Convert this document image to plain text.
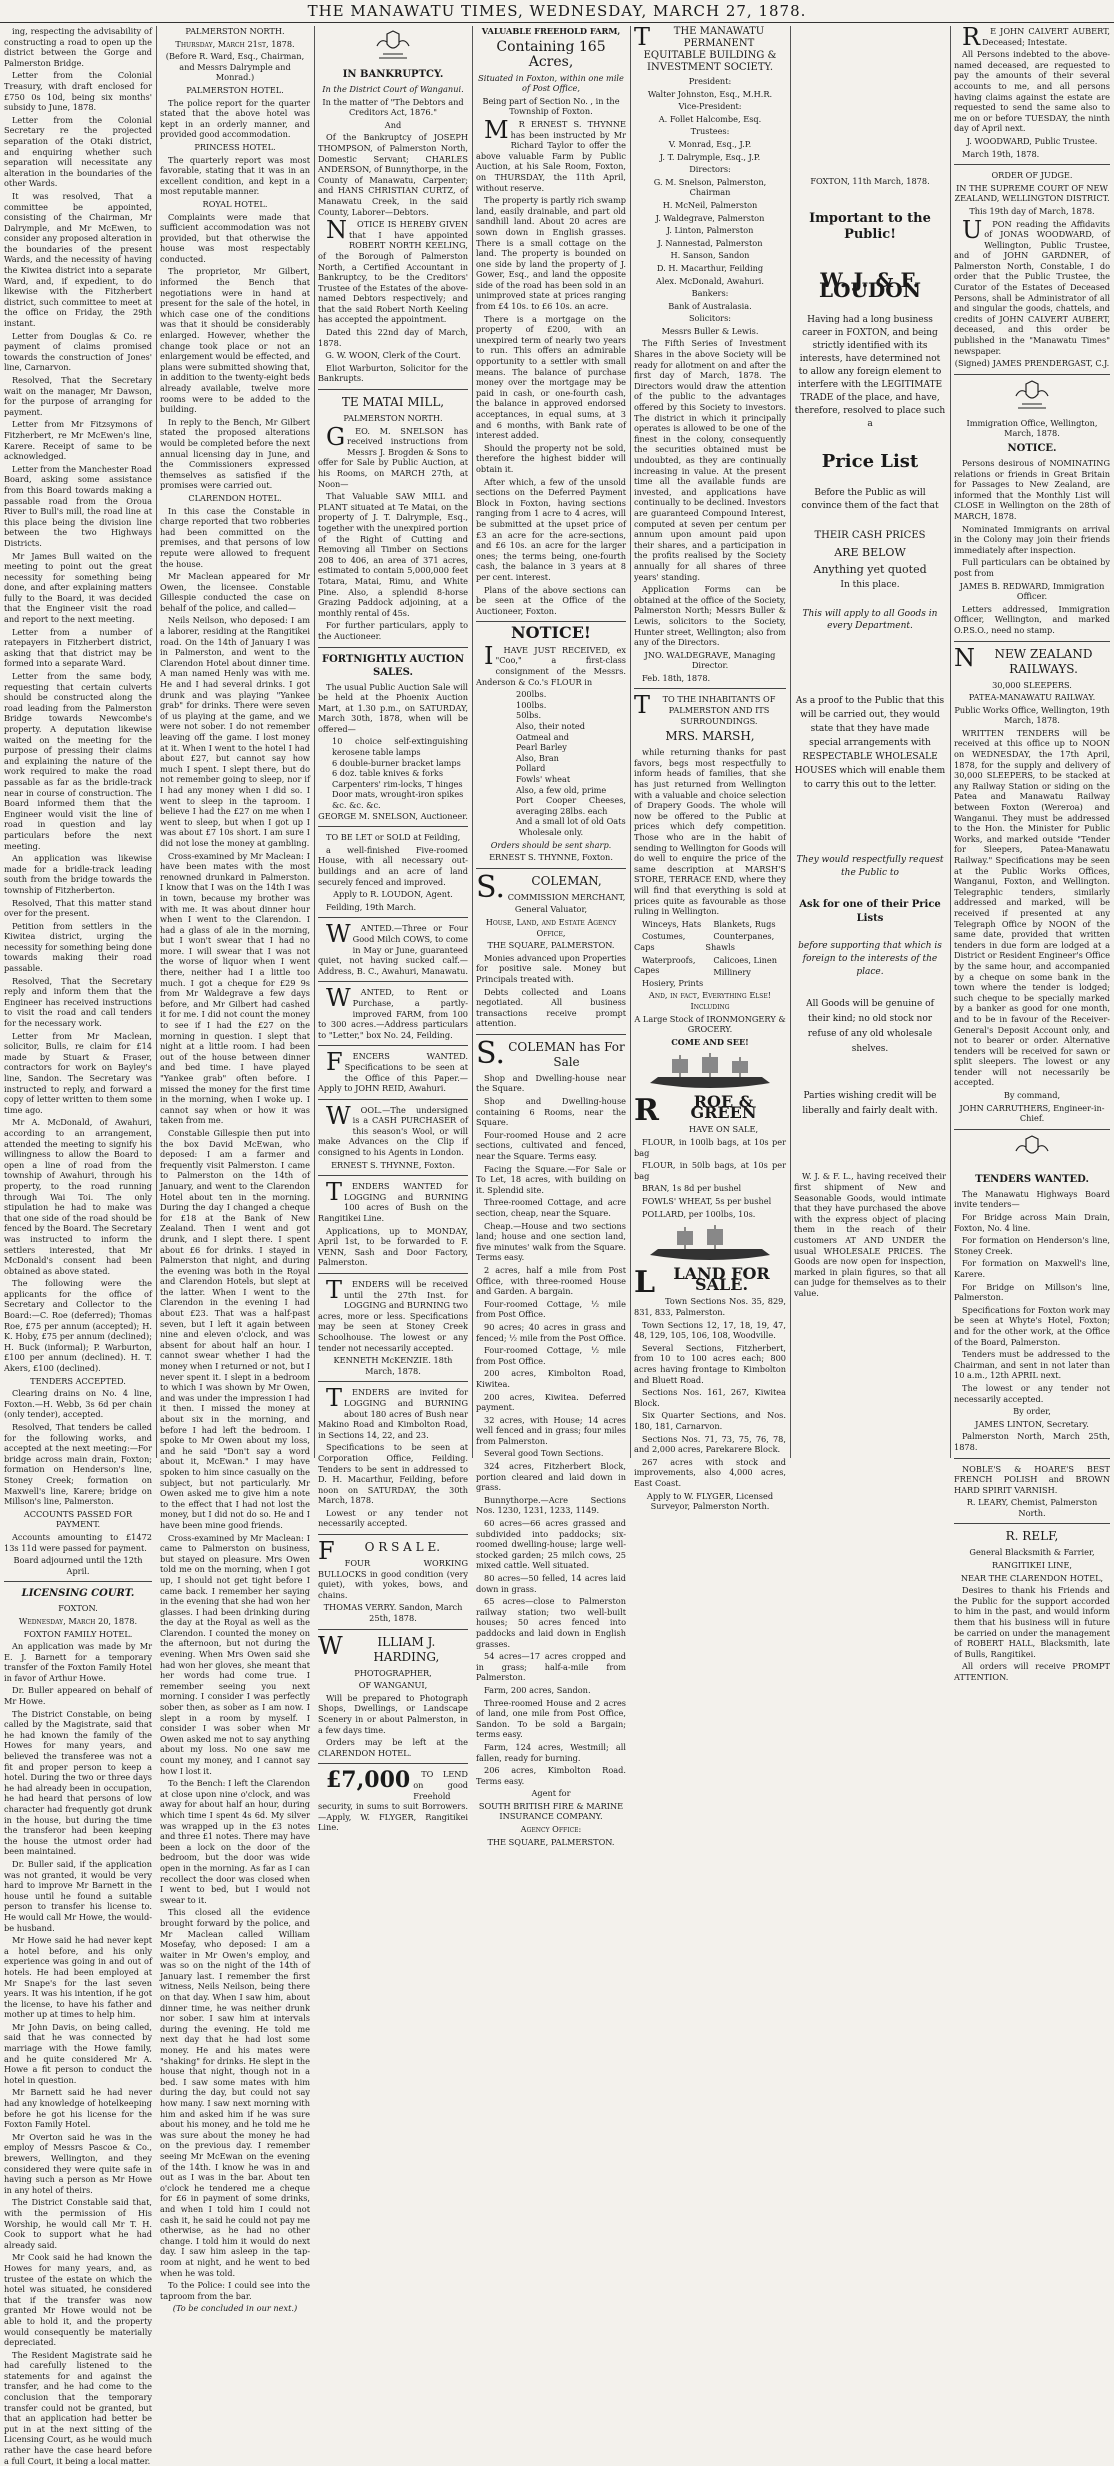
THE MANAWATU TIMES, WEDNESDAY, MARCH 27, 1878.

ing, respecting the advisability of constructing a road to open up the district between the Gorge and Palmerston Bridge.

Letter from the Colonial Treasury, with draft enclosed for £750 0s 10d, being six months' subsidy to June, 1878.

Letter from the Colonial Secretary re the projected separation of the Otaki district, and enquiring whether such separation will necessitate any alteration in the boundaries of the other Wards.

It was resolved, That a committee be appointed, consisting of the Chairman, Mr Dalrymple, and Mr McEwen, to consider any proposed alteration in the boundaries of the present Wards, and the necessity of having the Kiwitea district into a separate Ward, and, if expedient, to do likewise with the Fitzherbert district, such committee to meet at the office on Friday, the 29th instant.

Letter from Douglas & Co. re payment of claims promised towards the construction of Jones' line, Carnarvon.

Resolved, That the Secretary wait on the manager, Mr Dawson, for the purpose of arranging for payment.

Letter from Mr Fitzsymons of Fitzherbert, re Mr McEwen's line, Karere. Receipt of same to be acknowledged.

Letter from the Manchester Road Board, asking some assistance from this Board towards making a passable road from the Oroua River to Bull's mill, the road line at this place being the division line between the two Highways Districts.

Mr James Bull waited on the meeting to point out the great necessity for something being done, and after explaining matters fully to the Board, it was decided that the Engineer visit the road and report to the next meeting.

Letter from a number of ratepayers in Fitzherbert district, asking that that district may be formed into a separate Ward.

Letter from the same body, requesting that certain culverts should be constructed along the road leading from the Palmerston Bridge towards Newcombe's property. A deputation likewise waited on the meeting for the purpose of pressing their claims and explaining the nature of the work required to make the road passable as far as the bridle-track near in course of construction. The Board informed them that the Engineer would visit the line of road in question and lay particulars before the next meeting.

An application was likewise made for a bridle-track leading south from the bridge towards the township of Fitzherberton.

Resolved, That this matter stand over for the present.

Petition from settlers in the Kiwitea district, urging the necessity for something being done towards making their road passable.

Resolved, That the Secretary reply and inform them that the Engineer has received instructions to visit the road and call tenders for the necessary work.

Letter from Mr Maclean, solicitor, Bulls, re claim for £14 made by Stuart & Fraser, contractors for work on Bayley's line, Sandon. The Secretary was instructed to reply, and forward a copy of letter written to them some time ago.

Mr A. McDonald, of Awahuri, according to an arrangement, attended the meeting to signify his willingness to allow the Board to open a line of road from the township of Awahuri, through his property, to the road running through Wai Toi. The only stipulation he had to make was that one side of the road should be fenced by the Board. The Secretary was instructed to inform the settlers interested, that Mr McDonald's consent had been obtained as above stated.

The following were the applicants for the office of Secretary and Collector to the Board:—C. Roe (deferred); Thomas Roe, £75 per annum (accepted); H. K. Hoby, £75 per annum (declined); H. Buck (informal); P. Warburton, £100 per annum (declined). H. T. Akers, £100 (declined).

TENDERS ACCEPTED.

Clearing drains on No. 4 line, Foxton.—H. Webb, 3s 6d per chain (only tender), accepted.

Resolved, That tenders be called for the following works, and accepted at the next meeting:—For bridge across main drain, Foxton; formation on Henderson's line, Stoney Creek; formation on Maxwell's line, Karere; bridge on Millson's line, Palmerston.

ACCOUNTS PASSED FOR PAYMENT.

Accounts amounting to £1472 13s 11d were passed for payment.

Board adjourned until the 12th April.

LICENSING COURT.

FOXTON.

Wednesday, March 20, 1878.

FOXTON FAMILY HOTEL.

An application was made by Mr E. J. Barnett for a temporary transfer of the Foxton Family Hotel in favor of Arthur Howe.

Dr. Buller appeared on behalf of Mr Howe.

The District Constable, on being called by the Magistrate, said that he had known the family of the Howes for many years, and believed the transferee was not a fit and proper person to keep a hotel. During the two or three days he had already been in occupation, he had heard that persons of low character had frequently got drunk in the house, but during the time the transferor had been keeping the house the utmost order had been maintained.

Dr. Buller said, if the application was not granted, it would be very hard to improve Mr Barnett in the house until he found a suitable person to transfer his license to. He would call Mr Howe, the would-be husband.

Mr Howe said he had never kept a hotel before, and his only experience was going in and out of hotels. He had been employed at Mr Snape's for the last seven years. It was his intention, if he got the license, to have his father and mother up at times to help him.

Mr John Davis, on being called, said that he was connected by marriage with the Howe family, and he quite considered Mr A. Howe a fit person to conduct the hotel in question.

Mr Barnett said he had never had any knowledge of hotelkeeping before he got his license for the Foxton Family Hotel.

Mr Overton said he was in the employ of Messrs Pascoe & Co., brewers, Wellington, and they considered they were quite safe in having such a person as Mr Howe in any hotel of theirs.

The District Constable said that, with the permission of His Worship, he would call Mr T. H. Cook to support what he had already said.

Mr Cook said he had known the Howes for many years, and, as trustee of the estate on which the hotel was situated, he considered that if the transfer was now granted Mr Howe would not be able to hold it, and the property would consequently be materially depreciated.

The Resident Magistrate said he had carefully listened to the statements for and against the transfer, and he had come to the conclusion that the temporary transfer could not be granted, but that an application had better be put in at the next sitting of the Licensing Court, as he would much rather have the case heard before a full Court, it being a local matter.

PALMERSTON NORTH.

Thursday, March 21st, 1878.

(Before R. Ward, Esq., Chairman, and Messrs Dalrymple and Monrad.)

PALMERSTON HOTEL.

The police report for the quarter stated that the above hotel was kept in an orderly manner, and provided good accommodation.

PRINCESS HOTEL.

The quarterly report was most favorable, stating that it was in an excellent condition, and kept in a most reputable manner.

ROYAL HOTEL.

Complaints were made that sufficient accommodation was not provided, but that otherwise the house was most respectably conducted.

The proprietor, Mr Gilbert, informed the Bench that negotiations were in hand at present for the sale of the hotel, in which case one of the conditions was that it should be considerably enlarged. However, whether the change took place or not an enlargement would be effected, and plans were submitted showing that, in addition to the twenty-eight beds already available, twelve more rooms were to be added to the building.

In reply to the Bench, Mr Gilbert stated the proposed alterations would be completed before the next annual licensing day in June, and the Commissioners expressed themselves as satisfied if the promises were carried out.

CLARENDON HOTEL.

In this case the Constable in charge reported that two robberies had been committed on the premises, and that persons of low repute were allowed to frequent the house.

Mr Maclean appeared for Mr Owen, the licensee. Constable Gillespie conducted the case on behalf of the police, and called—

Neils Neilson, who deposed: I am a laborer, residing at the Rangitikei road. On the 14th of January I was in Palmerston, and went to the Clarendon Hotel about dinner time. A man named Henly was with me. He and I had several drinks. I got drunk and was playing "Yankee grab" for drinks. There were seven of us playing at the game, and we were not sober. I do not remember leaving off the game. I lost money at it. When I went to the hotel I had about £27, but cannot say how much I spent. I slept there, but do not remember going to sleep, nor if I had any money when I did so. I went to sleep in the taproom. I believe I had the £27 on me when I went to sleep, but when I got up I was about £7 10s short. I am sure I did not lose the money at gambling.

Cross-examined by Mr Maclean: I have been mates with the most renowned drunkard in Palmerston. I know that I was on the 14th I was in town, because my brother was with me. It was about dinner hour when I went to the Clarendon. I had a glass of ale in the morning, but I won't swear that I had no more. I will swear that I was not the worse of liquor when I went there, neither had I a little too much. I got a cheque for £29 9s from Mr Waldegrave a few days before, and Mr Gilbert had cashed it for me. I did not count the money to see if I had the £27 on the morning in question. I slept that night at a little room. I had been out of the house between dinner and bed time. I have played "Yankee grab" often before. I missed the money for the first time in the morning, when I woke up. I cannot say when or how it was taken from me.

Constable Gillespie then put into the box David McEwan, who deposed: I am a farmer and frequently visit Palmerston. I came to Palmerston on the 14th of January, and went to the Clarendon Hotel about ten in the morning. During the day I changed a cheque for £18 at the Bank of New Zealand. Then I went and got drunk, and I slept there. I spent about £6 for drinks. I stayed in Palmerston that night, and during the evening was both in the Royal and Clarendon Hotels, but slept at the latter. When I went to the Clarendon in the evening I had about £23. That was a half-past seven, but I left it again between nine and eleven o'clock, and was absent for about half an hour. I cannot swear whether I had the money when I returned or not, but I never spent it. I slept in a bedroom to which I was shown by Mr Owen, and was under the impression I had it then. I missed the money at about six in the morning, and before I had left the bedroom. I spoke to Mr Owen about my loss, and he said "Don't say a word about it, McEwan." I may have spoken to him since casually on the subject, but not particularly. Mr Owen asked me to give him a note to the effect that I had not lost the money, but I did not do so. He and I have been mine good friends.

Cross-examined by Mr Maclean: I came to Palmerston on business, but stayed on pleasure. Mrs Owen told me on the morning, when I got up, I should not get tight before I came back. I remember her saying in the evening that she had won her glasses. I had been drinking during the day at the Royal as well as the Clarendon. I counted the money on the afternoon, but not during the evening. When Mrs Owen said she had won her gloves, she meant that her words had come true. I remember seeing you next morning. I consider I was perfectly sober then, as sober as I am now. I slept in a room by myself. I consider I was sober when Mr Owen asked me not to say anything about my loss. No one saw me count my money, and I cannot say how I lost it.

To the Bench: I left the Clarendon at close upon nine o'clock, and was away for about half an hour, during which time I spent 4s 6d. My silver was wrapped up in the £3 notes and three £1 notes. There may have been a lock on the door of the bedroom, but the door was wide open in the morning. As far as I can recollect the door was closed when I went to bed, but I would not swear to it.

This closed all the evidence brought forward by the police, and Mr Maclean called William Mosefay, who deposed: I am a waiter in Mr Owen's employ, and was so on the night of the 14th of January last. I remember the first witness, Neils Neilson, being there on that day. When I saw him, about dinner time, he was neither drunk nor sober. I saw him at intervals during the evening. He told me next day that he had lost some money. He and his mates were "shaking" for drinks. He slept in the house that night, though not in a bed. I saw some mates with him during the day, but could not say how many. I saw next morning with him and asked him if he was sure about his money, and he told me he was sure about the money he had on the previous day. I remember seeing Mr McEwan on the evening of the 14th. I know he was in and out as I was in the bar. About ten o'clock he tendered me a cheque for £6 in payment of some drinks, and when I told him I could not cash it, he said he could not pay me otherwise, as he had no other change. I told him it would do next day. I saw him asleep in the tap-room at night, and he went to bed when he was told.

To the Police: I could see into the taproom from the bar.

(To be concluded in our next.)

IN BANKRUPTCY.

In the District Court of Wanganui.

In the matter of "The Debtors and Creditors Act, 1876."

And

Of the Bankruptcy of JOSEPH THOMPSON, of Palmerston North, Domestic Servant; CHARLES ANDERSON, of Bunnythorpe, in the County of Manawatu, Carpenter; and HANS CHRISTIAN CURTZ, of Manawatu Creek, in the said County, Laborer—Debtors.

N OTICE IS HEREBY GIVEN that I have appointed ROBERT NORTH KEELING, of the Borough of Palmerston North, a Certified Accountant in Bankruptcy, to be the Creditors' Trustee of the Estates of the above-named Debtors respectively; and that the said Robert North Keeling has accepted the appointment.

Dated this 22nd day of March, 1878.

G. W. WOON, Clerk of the Court.

Eliot Warburton, Solicitor for the Bankrupts.

TE MATAI MILL,

PALMERSTON NORTH.

G EO. M. SNELSON has received instructions from Messrs J. Brogden & Sons to offer for Sale by Public Auction, at his Rooms, on MARCH 27th, at Noon—

That Valuable SAW MILL and PLANT situated at Te Matai, on the property of J. T. Dalrymple, Esq., together with the unexpired portion of the Right of Cutting and Removing all Timber on Sections 208 to 406, an area of 371 acres, estimated to contain 5,000,000 feet Totara, Matai, Rimu, and White Pine. Also, a splendid 8-horse Grazing Paddock adjoining, at a monthly rental of 45s.

For further particulars, apply to the Auctioneer.

FORTNIGHTLY AUCTION SALES.

The usual Public Auction Sale will be held at the Phoenix Auction Mart, at 1.30 p.m., on SATURDAY, March 30th, 1878, when will be offered—

10 choice self-extinguishing kerosene table lamps
6 double-burner bracket lamps
6 doz. table knives & forks
Carpenters' rim-locks, T hinges
Door mats, wrought-iron spikes
&c. &c. &c.

GEORGE M. SNELSON, Auctioneer.

TO BE LET or SOLD at Feilding,

a well-finished Five-roomed House, with all necessary out-buildings and an acre of land securely fenced and improved.

Apply to R. LOUDON, Agent.

Feilding, 19th March.

W ANTED.—Three or Four Good Milch COWS, to come in May or June, guaranteed quiet, not having sucked calf.—Address, B. C., Awahuri, Manawatu.

W ANTED, to Rent or Purchase, a partly-improved FARM, from 100 to 300 acres.—Address particulars to "Letter," box No. 24, Feilding.

F ENCERS WANTED. Specifications to be seen at the Office of this Paper.—Apply to JOHN REID, Awahuri.

W OOL.—The undersigned is a CASH PURCHASER of this season's Wool, or will make Advances on the Clip if consigned to his Agents in London.

ERNEST S. THYNNE, Foxton.

T ENDERS WANTED for LOGGING and BURNING 100 acres of Bush on the Rangitikei Line.

Applications, up to MONDAY, April 1st, to be forwarded to F. VENN, Sash and Door Factory, Palmerston.

T ENDERS will be received until the 27th Inst. for LOGGING and BURNING two acres, more or less. Specifications may be seen at Stoney Creek Schoolhouse. The lowest or any tender not necessarily accepted.

KENNETH McKENZIE. 18th March, 1878.

T ENDERS are invited for LOGGING and BURNING about 180 acres of Bush near Makino Road and Kimbolton Road, in Sections 14, 22, and 23.

Specifications to be seen at Corporation Office, Feilding. Tenders to be sent in addressed to D. H. Macarthur, Feilding, before noon on SATURDAY, the 30th March, 1878.

Lowest or any tender not necessarily accepted.

F O R S A L E.

FOUR WORKING BULLOCKS in good condition (very quiet), with yokes, bows, and chains.

THOMAS VERRY. Sandon, March 25th, 1878.

W	ILLIAM J. HARDING,

PHOTOGRAPHER,

OF WANGANUI,

Will be prepared to Photograph Shops, Dwellings, or Landscape Scenery in or about Palmerston, in a few days time.

Orders may be left at the CLARENDON HOTEL.

£7,000 TO LEND on good Freehold security, in sums to suit Borrowers.—Apply, W. FLYGER, Rangitikei Line.

VALUABLE FREEHOLD FARM,

Containing 165 Acres,

Situated in Foxton, within one mile of Post Office,

Being part of Section No. , in the Township of Foxton.

M R ERNEST S. THYNNE has been instructed by Mr Richard Taylor to offer the above valuable Farm by Public Auction, at his Sale Room, Foxton, on THURSDAY, the 11th April, without reserve.

The property is partly rich swamp land, easily drainable, and part old sandhill land. About 20 acres are sown down in English grasses. There is a small cottage on the land. The property is bounded on one side by land the property of J. Gower, Esq., and land the opposite side of the road has been sold in an unimproved state at prices ranging from £4 10s. to £6 10s. an acre.

There is a mortgage on the property of £200, with an unexpired term of nearly two years to run. This offers an admirable opportunity to a settler with small means. The balance of purchase money over the mortgage may be paid in cash, or one-fourth cash, the balance in approved endorsed acceptances, in equal sums, at 3 and 6 months, with Bank rate of interest added.

Should the property not be sold, therefore the highest bidder will obtain it.

After which, a few of the unsold sections on the Deferred Payment Block in Foxton, having sections ranging from 1 acre to 4 acres, will be submitted at the upset price of £3 an acre for the acre-sections, and £6 10s. an acre for the larger ones; the terms being, one-fourth cash, the balance in 3 years at 8 per cent. interest.

Plans of the above sections can be seen at the Office of the Auctioneer, Foxton.

NOTICE!

I HAVE JUST RECEIVED, ex "Coo," a first-class consignment of the Messrs. Anderson & Co.'s FLOUR in

200lbs.
100lbs.
50lbs.
Also, their noted
Oatmeal and
Pearl Barley
Also, Bran
Pollard
Fowls' wheat
Also, a few old, prime
Port Cooper Cheeses, averaging 28lbs. each
And a small lot of old Oats

Wholesale only.

Orders should be sent sharp.

ERNEST S. THYNNE, Foxton.

S. COLEMAN,

COMMISSION MERCHANT,

General Valuator,

House, Land, and Estate Agency Office,

THE SQUARE, PALMERSTON.

Monies advanced upon Properties for positive sale. Money but Principals treated with.

Debts collected and Loans negotiated. All business transactions receive prompt attention.

S. COLEMAN has For Sale

Shop and Dwelling-house near the Square.

Shop and Dwelling-house containing 6 Rooms, near the Square.

Four-roomed House and 2 acre sections, cultivated and fenced, near the Square. Terms easy.

Facing the Square.—For Sale or To Let, 18 acres, with building on it. Splendid site.

Three-roomed Cottage, and acre section, cheap, near the Square.

Cheap.—House and two sections land; house and one section land, five minutes' walk from the Square. Terms easy.

2 acres, half a mile from Post Office, with three-roomed House and Garden. A bargain.

Four-roomed Cottage, ½ mile from Post Office.

90 acres; 40 acres in grass and fenced; ½ mile from the Post Office.

Four-roomed Cottage, ½ mile from Post Office.

200 acres, Kimbolton Road, Kiwitea.

200 acres, Kiwitea. Deferred payment.

32 acres, with House; 14 acres well fenced and in grass; four miles from Palmerston.

Several good Town Sections.

324 acres, Fitzherbert Block, portion cleared and laid down in grass.

Bunnythorpe.—Acre Sections Nos. 1230, 1231, 1233, 1149.

60 acres—66 acres grassed and subdivided into paddocks; six-roomed dwelling-house; large well-stocked garden; 25 milch cows, 25 mixed cattle. Well situated.

80 acres—50 felled, 14 acres laid down in grass.

65 acres—close to Palmerston railway station; two well-built houses; 50 acres fenced into paddocks and laid down in English grasses.

54 acres—17 acres cropped and in grass; half-a-mile from Palmerston.

Farm, 200 acres, Sandon.

Three-roomed House and 2 acres of land, one mile from Post Office, Sandon. To be sold a Bargain; terms easy.

Farm, 124 acres, Westmill; all fallen, ready for burning.

206 acres, Kimbolton Road. Terms easy.

Agent for

SOUTH BRITISH FIRE & MARINE INSURANCE COMPANY.

Agency Office:

THE SQUARE, PALMERSTON.

T THE MANAWATU PERMANENT EQUITABLE BUILDING & INVESTMENT SOCIETY.

President:

Walter Johnston, Esq., M.H.R.

Vice-President:

A. Follet Halcombe, Esq.

Trustees:

V. Monrad, Esq., J.P.

J. T. Dalrymple, Esq., J.P.

Directors:

G. M. Snelson, Palmerston, Chairman

H. McNeil, Palmerston

J. Waldegrave, Palmerston

J. Linton, Palmerston

J. Nannestad, Palmerston

H. Sanson, Sandon

D. H. Macarthur, Feilding

Alex. McDonald, Awahuri.

Bankers:

Bank of Australasia.

Solicitors:

Messrs Buller & Lewis.

The Fifth Series of Investment Shares in the above Society will be ready for allotment on and after the first day of March, 1878. The Directors would draw the attention of the public to the advantages offered by this Society to investors. The district in which it principally operates is allowed to be one of the finest in the colony, consequently the securities obtained must be undoubted, as they are continually increasing in value. At the present time all the available funds are invested, and applications have continually to be declined. Investors are guaranteed Compound Interest, computed at seven per centum per annum upon amount paid upon their shares, and a participation in the profits realised by the Society annually for all shares of three years' standing.

Application Forms can be obtained at the office of the Society, Palmerston North; Messrs Buller & Lewis, solicitors to the Society, Hunter street, Wellington; also from any of the Directors.

JNO. WALDEGRAVE, Managing Director.

Feb. 18th, 1878.

T TO THE INHABITANTS OF PALMERSTON AND ITS SURROUNDINGS.

MRS. MARSH,

while returning thanks for past favors, begs most respectfully to inform heads of families, that she has just returned from Wellington with a valuable and choice selection of Drapery Goods. The whole will now be offered to the Public at prices which defy competition. Those who are in the habit of sending to Wellington for Goods will do well to enquire the price of the same description at MARSH'S STORE, TERRACE END, where they will find that everything is sold at prices quite as favourable as those ruling in Wellington.

Winceys, Hats

Costumes, Caps

Waterproofs, Capes

Hosiery, Prints

Blankets, Rugs

Counterpanes, Shawls

Calicoes, Linen

Millinery

And, in fact, Everything Else! Including

A Large Stock of IRONMONGERY & GROCERY.

COME AND SEE!

R ROE & GREEN

HAVE ON SALE,

FLOUR, in 100lb bags, at 10s per bag

FLOUR, in 50lb bags, at 10s per bag

BRAN, 1s 8d per bushel

FOWLS' WHEAT, 5s per bushel

POLLARD, per 100lbs, 10s.

L LAND FOR SALE.

Town Sections Nos. 35, 829, 831, 833, Palmerston.

Town Sections 12, 17, 18, 19, 47, 48, 129, 105, 106, 108, Woodville.

Several Sections, Fitzherbert, from 10 to 100 acres each; 800 acres having frontage to Kimbolton and Bluett Road.

Sections Nos. 161, 267, Kiwitea Block.

Six Quarter Sections, and Nos. 180, 181, Carnarvon.

Sections Nos. 71, 73, 75, 76, 78, and 2,000 acres, Parekarere Block.

267 acres with stock and improvements, also 4,000 acres, East Coast.

Apply to W. FLYGER, Licensed Surveyor, Palmerston North.

FOXTON, 11th March, 1878.

Important to the Public!

W. J. & F. LOUDON

Having had a long business career in FOXTON, and being strictly identified with its interests, have determined not to allow any foreign element to interfere with the LEGITIMATE TRADE of the place, and have, therefore, resolved to place such a

Price List

Before the Public as will convince them of the fact that

THEIR CASH PRICES

ARE BELOW

Anything yet quoted

In this place.

This will apply to all Goods in every Department.

As a proof to the Public that this will be carried out, they would state that they have made special arrangements with RESPECTABLE WHOLESALE HOUSES which will enable them to carry this out to the letter.

They would respectfully request the Public to

Ask for one of their Price Lists

before supporting that which is foreign to the interests of the place.

All Goods will be genuine of their kind; no old stock nor refuse of any old wholesale shelves.

Parties wishing credit will be liberally and fairly dealt with.

W. J. & F. L., having received their first shipment of New and Seasonable Goods, would intimate that they have purchased the above with the express object of placing them in the reach of their customers AT AND UNDER the usual WHOLESALE PRICES. The Goods are now open for inspection, marked in plain figures, so that all can judge for themselves as to their value.

R E JOHN CALVERT AUBERT, Deceased; Intestate.

All Persons indebted to the above-named deceased, are requested to pay the amounts of their several accounts to me, and all persons having claims against the estate are requested to send the same also to me on or before TUESDAY, the ninth day of April next.

J. WOODWARD, Public Trustee.

March 19th, 1878.

ORDER OF JUDGE.

IN THE SUPREME COURT OF NEW ZEALAND, WELLINGTON DISTRICT.

This 19th day of March, 1878.

U PON reading the Affidavits of JONAS WOODWARD, of Wellington, Public Trustee, and of JOHN GARDNER, of Palmerston North, Constable, I do order that the Public Trustee, the Curator of the Estates of Deceased Persons, shall be Administrator of all and singular the goods, chattels, and credits of JOHN CALVERT AUBERT, deceased, and this order be published in the "Manawatu Times" newspaper.

(Signed) JAMES PRENDERGAST, C.J.

Immigration Office, Wellington, March, 1878.

NOTICE.

Persons desirous of NOMINATING relations or friends in Great Britain for Passages to New Zealand, are informed that the Monthly List will CLOSE in Wellington on the 28th of MARCH, 1878.

Nominated Immigrants on arrival in the Colony may join their friends immediately after inspection.

Full particulars can be obtained by post from

JAMES B. REDWARD, Immigration Officer.

Letters addressed, Immigration Officer, Wellington, and marked O.P.S.O., need no stamp.

N NEW ZEALAND RAILWAYS.

30,000 SLEEPERS.

PATEA-MANAWATU RAILWAY.

Public Works Office, Wellington, 19th March, 1878.

WRITTEN TENDERS will be received at this office up to NOON on WEDNESDAY, the 17th April, 1878, for the supply and delivery of 30,000 SLEEPERS, to be stacked at any Railway Station or siding on the Patea and Manawatu Railway between Foxton (Wereroa) and Wanganui. They must be addressed to the Hon. the Minister for Public Works, and marked outside "Tender for Sleepers, Patea-Manawatu Railway." Specifications may be seen at the Public Works Offices, Wanganui, Foxton, and Wellington. Telegraphic tenders, similarly addressed and marked, will be received if presented at any Telegraph Office by NOON of the same date, provided that written tenders in due form are lodged at a District or Resident Engineer's Office by the same hour, and accompanied by a cheque on some bank in the town where the tender is lodged; such cheque to be specially marked by a banker as good for one month, and to be in favour of the Receiver-General's Deposit Account only, and not to bearer or order. Alternative tenders will be received for sawn or split sleepers. The lowest or any tender will not necessarily be accepted.

By command,

JOHN CARRUTHERS, Engineer-in-Chief.

TENDERS WANTED.

The Manawatu Highways Board invite tenders—

For Bridge across Main Drain, Foxton, No. 4 line.

For formation on Henderson's line, Stoney Creek.

For formation on Maxwell's line, Karere.

For Bridge on Millson's line, Palmerston.

Specifications for Foxton work may be seen at Whyte's Hotel, Foxton; and for the other work, at the Office of the Board, Palmerston.

Tenders must be addressed to the Chairman, and sent in not later than 10 a.m., 12th APRIL next.

The lowest or any tender not necessarily accepted.

By order,

JAMES LINTON, Secretary.

Palmerston North, March 25th, 1878.

NOBLE'S & HOARE'S BEST FRENCH POLISH and BROWN HARD SPIRIT VARNISH.

R. LEARY, Chemist, Palmerston North.

R. RELF,

General Blacksmith & Farrier,

RANGITIKEI LINE,

NEAR THE CLARENDON HOTEL,

Desires to thank his Friends and the Public for the support accorded to him in the past, and would inform them that his business will in future be carried on under the management of ROBERT HALL, Blacksmith, late of Bulls, Rangitikei.

All orders will receive PROMPT ATTENTION.
